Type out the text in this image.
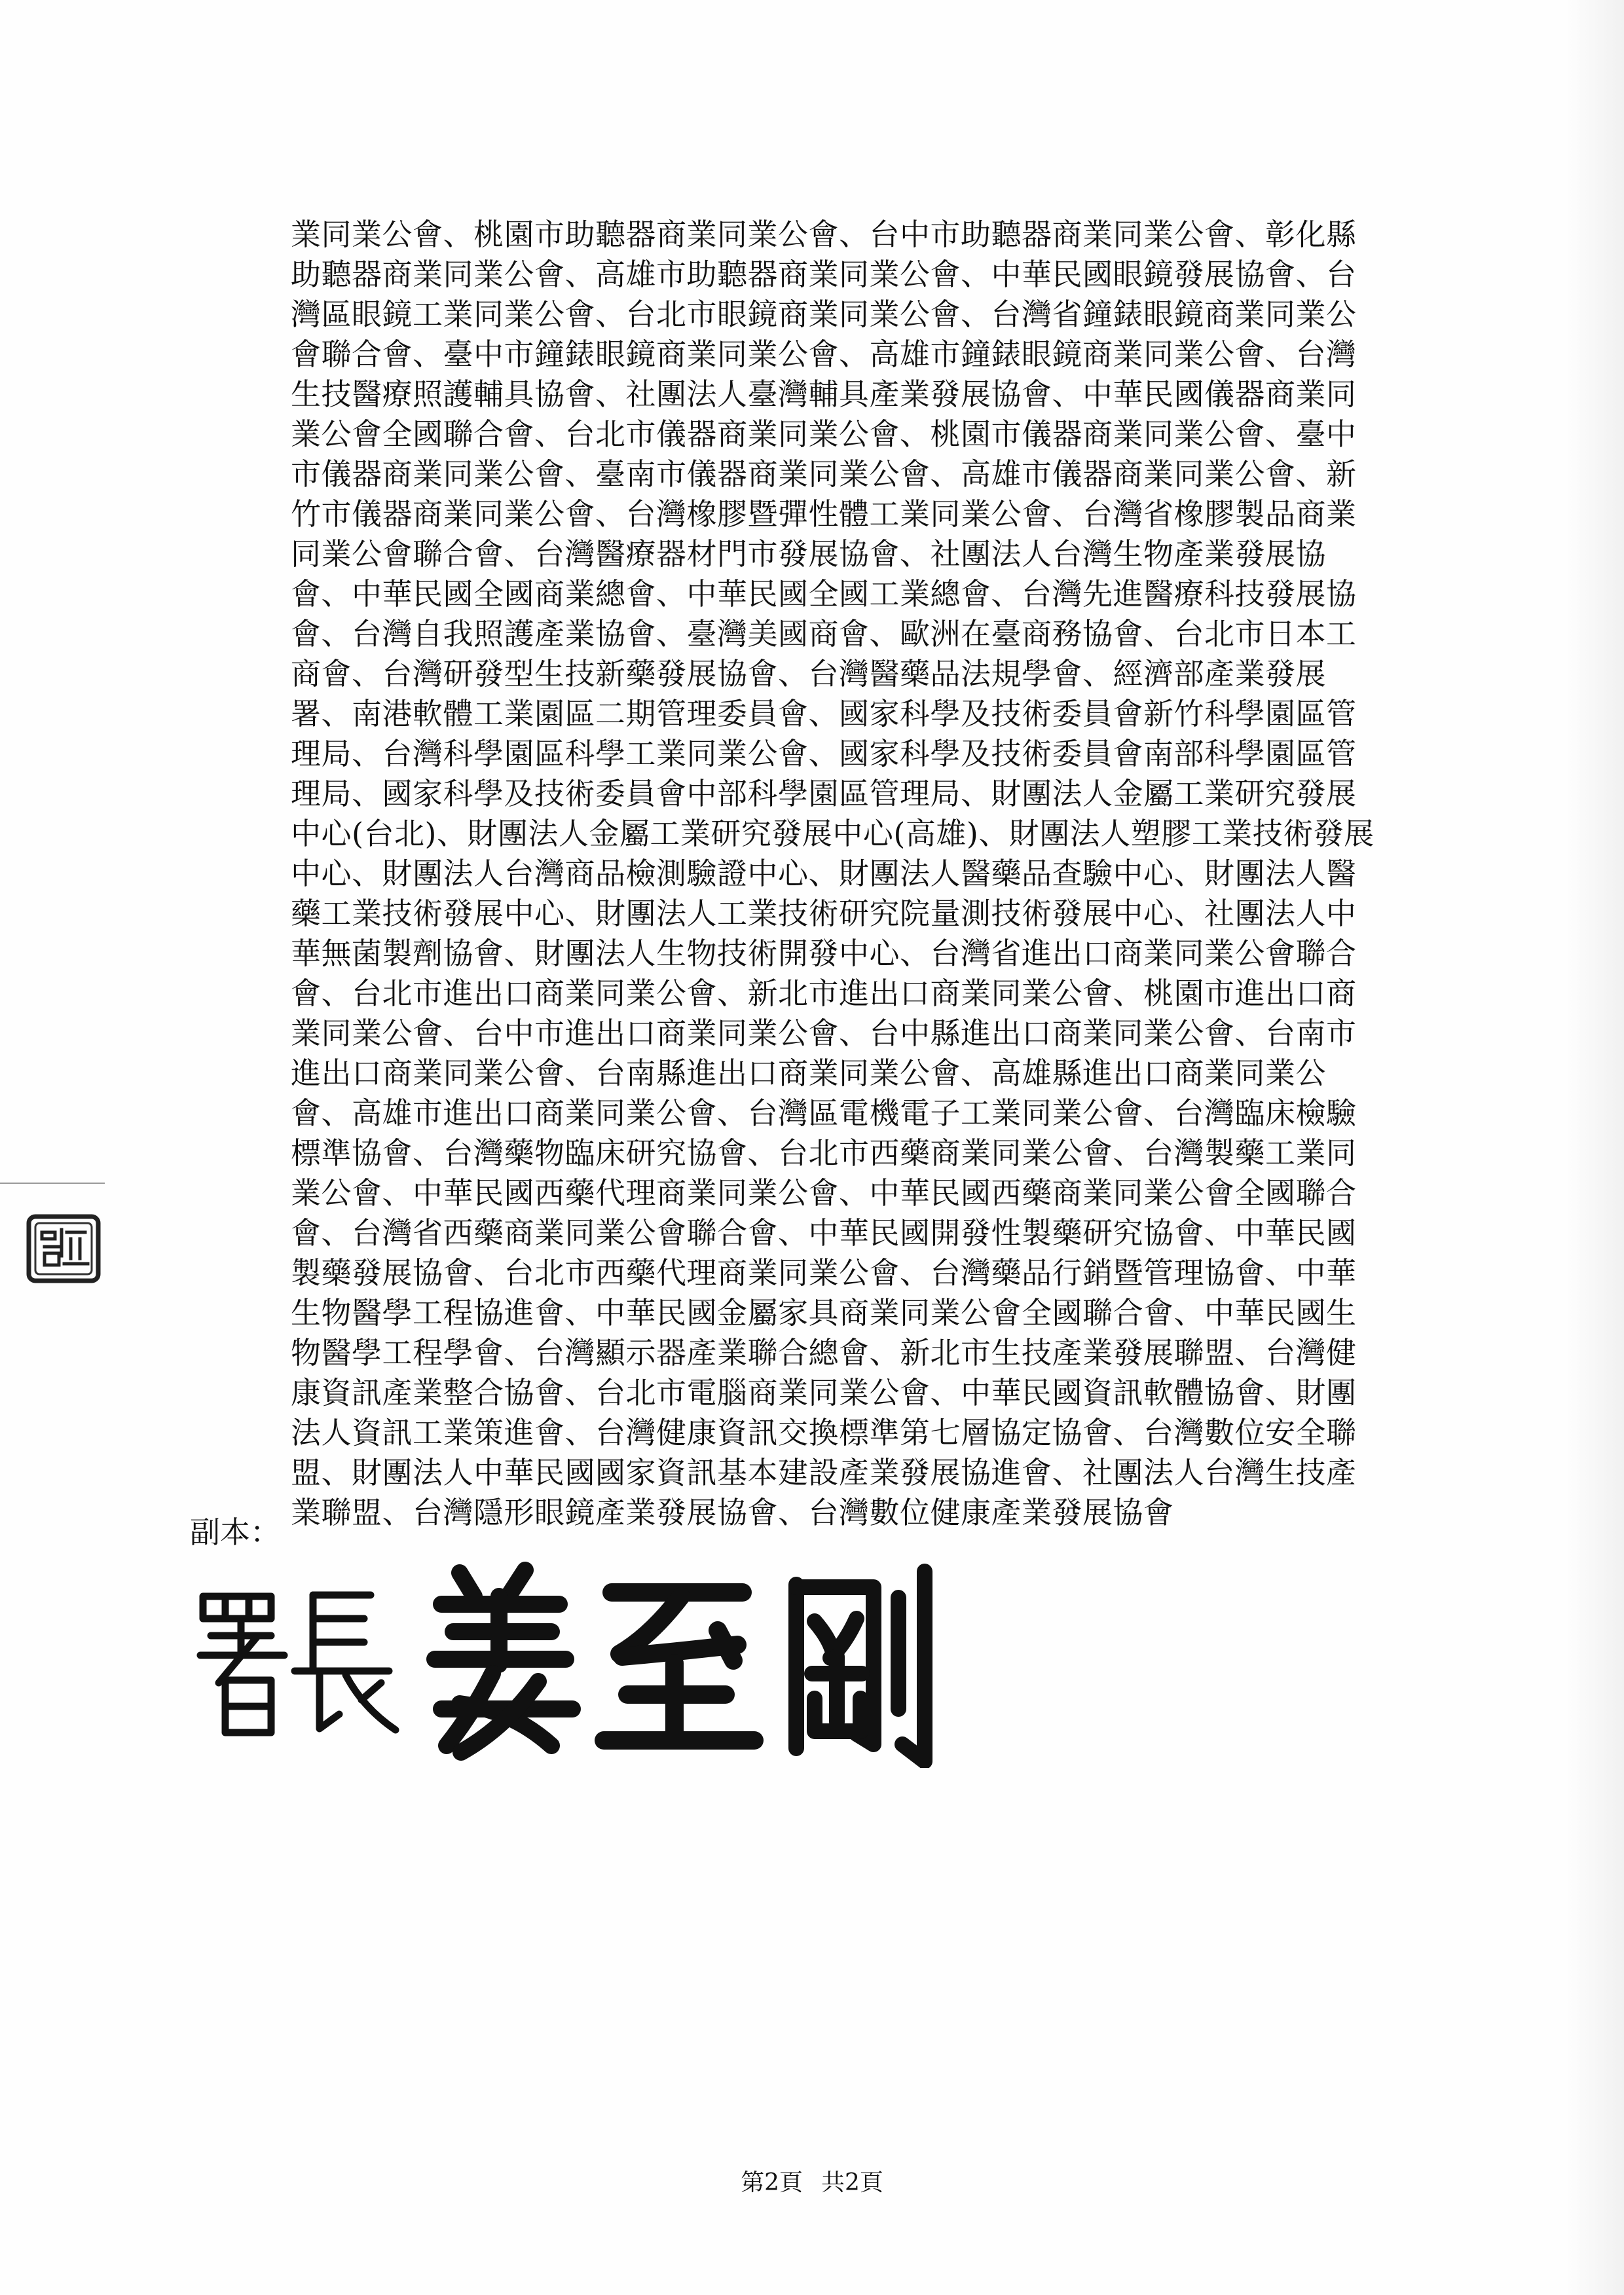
業同業公會、桃園市助聽器商業同業公會、台中市助聽器商業同業公會、彰化縣
助聽器商業同業公會、高雄市助聽器商業同業公會、中華民國眼鏡發展協會、台
灣區眼鏡工業同業公會、台北市眼鏡商業同業公會、台灣省鐘錶眼鏡商業同業公
會聯合會、臺中市鐘錶眼鏡商業同業公會、高雄市鐘錶眼鏡商業同業公會、台灣
生技醫療照護輔具協會、社團法人臺灣輔具產業發展協會、中華民國儀器商業同
業公會全國聯合會、台北市儀器商業同業公會、桃園市儀器商業同業公會、臺中
市儀器商業同業公會、臺南市儀器商業同業公會、高雄市儀器商業同業公會、新
竹市儀器商業同業公會、台灣橡膠暨彈性體工業同業公會、台灣省橡膠製品商業
同業公會聯合會、台灣醫療器材門市發展協會、社團法人台灣生物產業發展協
會、中華民國全國商業總會、中華民國全國工業總會、台灣先進醫療科技發展協
會、台灣自我照護產業協會、臺灣美國商會、歐洲在臺商務協會、台北市日本工
商會、台灣研發型生技新藥發展協會、台灣醫藥品法規學會、經濟部產業發展
署、南港軟體工業園區二期管理委員會、國家科學及技術委員會新竹科學園區管
理局、台灣科學園區科學工業同業公會、國家科學及技術委員會南部科學園區管
理局、國家科學及技術委員會中部科學園區管理局、財團法人金屬工業研究發展
中心(台北)、財團法人金屬工業研究發展中心(高雄)、財團法人塑膠工業技術發展
中心、財團法人台灣商品檢測驗證中心、財團法人醫藥品查驗中心、財團法人醫
藥工業技術發展中心、財團法人工業技術研究院量測技術發展中心、社團法人中
華無菌製劑協會、財團法人生物技術開發中心、台灣省進出口商業同業公會聯合
會、台北市進出口商業同業公會、新北市進出口商業同業公會、桃園市進出口商
業同業公會、台中市進出口商業同業公會、台中縣進出口商業同業公會、台南市
進出口商業同業公會、台南縣進出口商業同業公會、高雄縣進出口商業同業公
會、高雄市進出口商業同業公會、台灣區電機電子工業同業公會、台灣臨床檢驗
標準協會、台灣藥物臨床研究協會、台北市西藥商業同業公會、台灣製藥工業同
業公會、中華民國西藥代理商業同業公會、中華民國西藥商業同業公會全國聯合
會、台灣省西藥商業同業公會聯合會、中華民國開發性製藥研究協會、中華民國
製藥發展協會、台北市西藥代理商業同業公會、台灣藥品行銷暨管理協會、中華
生物醫學工程協進會、中華民國金屬家具商業同業公會全國聯合會、中華民國生
物醫學工程學會、台灣顯示器產業聯合總會、新北市生技產業發展聯盟、台灣健
康資訊產業整合協會、台北市電腦商業同業公會、中華民國資訊軟體協會、財團
法人資訊工業策進會、台灣健康資訊交換標準第七層協定協會、台灣數位安全聯
盟、財團法人中華民國國家資訊基本建設產業發展協進會、社團法人台灣生技產
業聯盟、台灣隱形眼鏡產業發展協會、台灣數位健康產業發展協會
副本：
第2頁 共2頁
